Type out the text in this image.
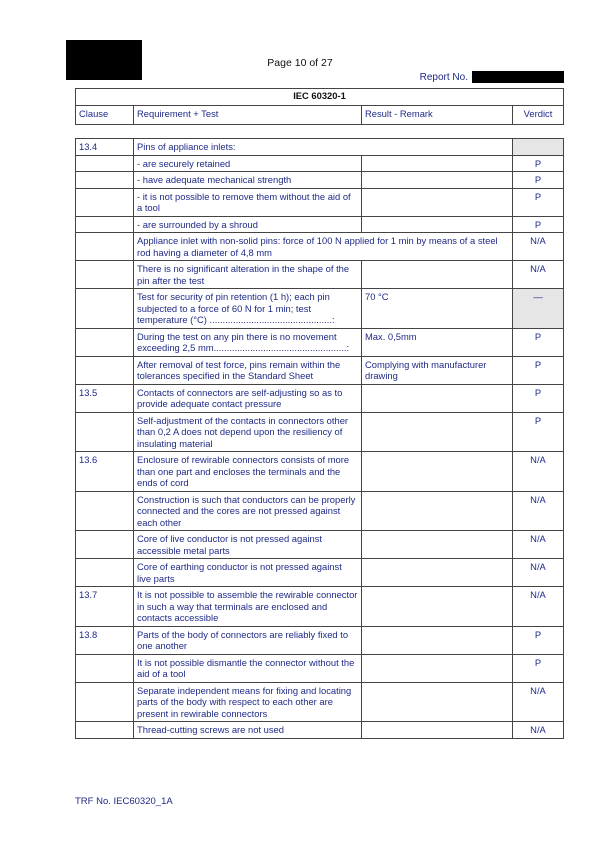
Page 10 of 27
Report No.
IEC 60320-1
Clause	Requirement + Test	Result - Remark	Verdict
13.4	Pins of appliance inlets:		
	- are securely retained		P
	- have adequate mechanical strength		P
	- it is not possible to remove them without the aid of a tool		P
	- are surrounded by a shroud		P
	Appliance inlet with non-solid pins: force of 100 N applied for 1 min by means of a steel rod having a diameter of 4,8 mm		N/A
	There is no significant alteration in the shape of the pin after the test		N/A
	Test for security of pin retention (1 h); each pin subjected to a force of 60 N for 1 min; test temperature (°C) ...............................................:	70 °C	—
	During the test on any pin there is no movement exceeding 2,5 mm...................................................:	Max. 0,5mm	P
	After removal of test force, pins remain within the tolerances specified in the Standard Sheet	Complying with manufacturer drawing	P
13.5	Contacts of connectors are self-adjusting so as to provide adequate contact pressure		P
	Self-adjustment of the contacts in connectors other than 0,2 A does not depend upon the resiliency of insulating material		P
13.6	Enclosure of rewirable connectors consists of more than one part and encloses the terminals and the ends of cord		N/A
	Construction is such that conductors can be properly connected and the cores are not pressed against each other		N/A
	Core of live conductor is not pressed against accessible metal parts		N/A
	Core of earthing conductor is not pressed against live parts		N/A
13.7	It is not possible to assemble the rewirable connector in such a way that terminals are enclosed and contacts accessible		N/A
13.8	Parts of the body of connectors are reliably fixed to one another		P
	It is not possible dismantle the connector without the aid of a tool		P
	Separate independent means for fixing and locating parts of the body with respect to each other are present in rewirable connectors		N/A
	Thread-cutting screws are not used		N/A
TRF No. IEC60320_1A
